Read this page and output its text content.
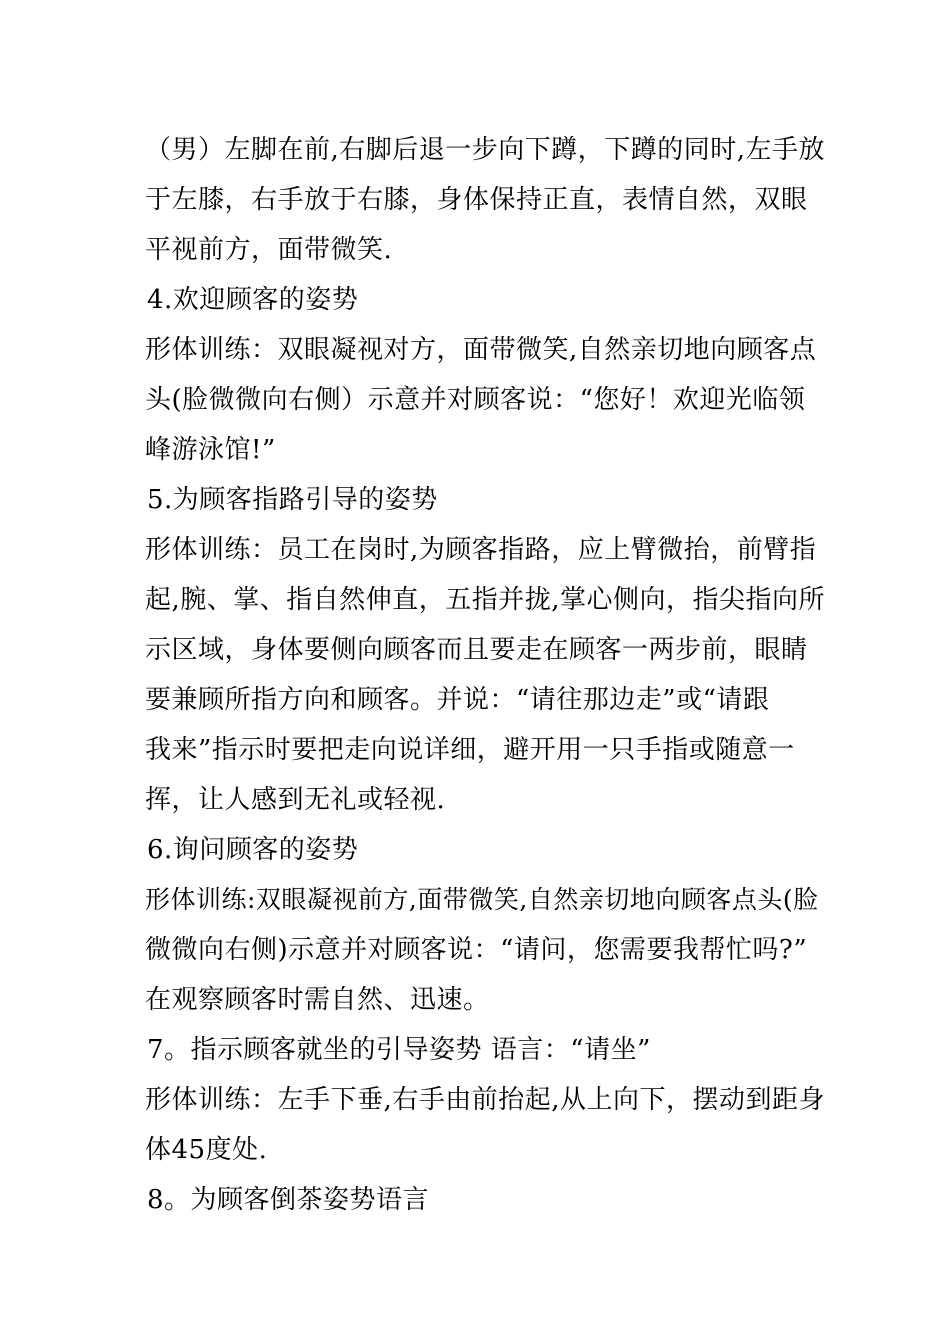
（男）左脚在前,右脚后退一步向下蹲，下蹲的同时,左手放
于左膝，右手放于右膝，身体保持正直，表情自然，双眼
平视前方，面带微笑.
4.欢迎顾客的姿势
形体训练：双眼凝视对方，面带微笑,自然亲切地向顾客点
头(脸微微向右侧）示意并对顾客说：“您好！欢迎光临领
峰游泳馆!”
5.为顾客指路引导的姿势
形体训练：员工在岗时,为顾客指路，应上臂微抬，前臂指
起,腕、掌、指自然伸直，五指并拢,掌心侧向，指尖指向所
示区域，身体要侧向顾客而且要走在顾客一两步前，眼睛
要兼顾所指方向和顾客。并说：“请往那边走”或“请跟
我来”指示时要把走向说详细，避开用一只手指或随意一
挥，让人感到无礼或轻视.
6.询问顾客的姿势
形体训练:双眼凝视前方,面带微笑,自然亲切地向顾客点头(脸
微微向右侧)示意并对顾客说：“请问，您需要我帮忙吗?”
在观察顾客时需自然、迅速。
7。指示顾客就坐的引导姿势 语言：“请坐”
形体训练：左手下垂,右手由前抬起,从上向下，摆动到距身
体45度处.
8。为顾客倒茶姿势语言
